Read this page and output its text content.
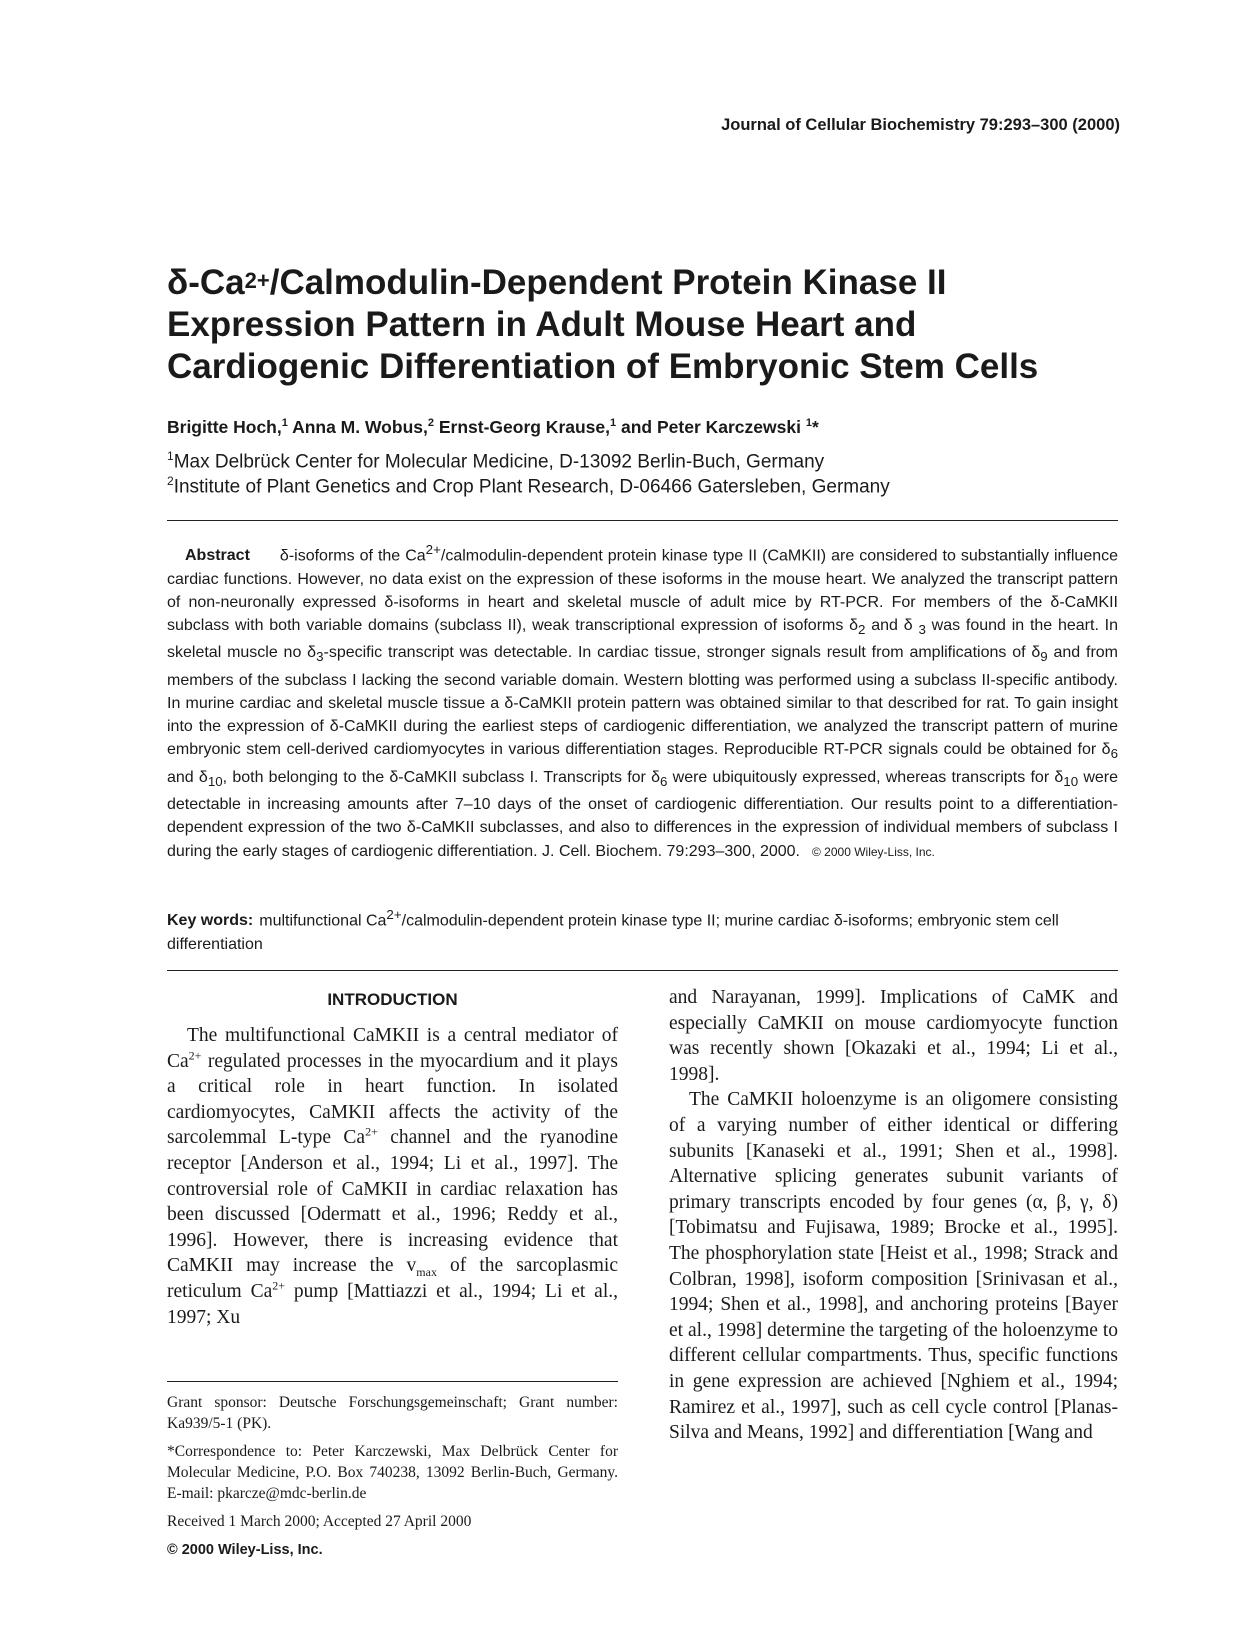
Journal of Cellular Biochemistry 79:293–300 (2000)
$\delta-Ca^{2+}/Calmodulin$-Dependent Protein Kinase II
Expression Pattern in Adult Mouse Heart and
Cardiogenic Differentiation of Embryonic Stem Cells
Brigitte Hoch,$^1$ Anna M. Wobus,$^2$ Ernst-Georg Krause,$^1$ and Peter Karczewski $^1$*
$^1$Max Delbrück Center for Molecular Medicine, D-13092 Berlin-Buch, Germany
$^2$Institute of Plant Genetics and Crop Plant Research, D-06466 Gatersleben, Germany
Abstract δ-isoforms of the $Ca^{2+}/calmodulin$-dependent protein kinase type II (CaMKII) are considered to substantially influence cardiac functions. However, no data exist on the expression of these isoforms in the mouse heart. We analyzed the transcript pattern of non-neuronally expressed δ-isoforms in heart and skeletal muscle of adult mice by RT-PCR. For members of the δ-CaMKII subclass with both variable domains (subclass II), weak transcriptional expression of isoforms $\delta_2$ and δ $_3$ was found in the heart. In skeletal muscle no $\delta_3$-specific transcript was detectable. In cardiac tissue, stronger signals result from amplifications of $\delta_9$ and from members of the subclass I lacking the second variable domain. Western blotting was performed using a subclass II-specific antibody. In murine cardiac and skeletal muscle tissue a δ-CaMKII protein pattern was obtained similar to that described for rat. To gain insight into the expression of δ-CaMKII during the earliest steps of cardiogenic differentiation, we analyzed the transcript pattern of murine embryonic stem cell-derived cardiomyocytes in various differentiation stages. Reproducible RT-PCR signals could be obtained for $\delta_6$ and $\delta_{10}$, both belonging to the δ-CaMKII subclass I. Transcripts for $\delta_6$ were ubiquitously expressed, whereas transcripts for $\delta_{10}$ were detectable in increasing amounts after 7–10 days of the onset of cardiogenic differentiation. Our results point to a differentiation-dependent expression of the two δ-CaMKII subclasses, and also to differences in the expression of individual members of subclass I during the early stages of cardiogenic differentiation. J. Cell. Biochem. 79:293–300, 2000. © 2000 Wiley-Liss, Inc.
Key words: multifunctional $Ca^{2+}/calmodulin$-dependent protein kinase type II; murine cardiac δ-isoforms; embryonic stem cell differentiation
INTRODUCTION

The multifunctional CaMKII is a central mediator of $Ca^{2+}$ regulated processes in the myocardium and it plays a critical role in heart function. In isolated cardiomyocytes, CaMKII affects the activity of the sarcolemmal L-type $Ca^{2+}$ channel and the ryanodine receptor [Anderson et al., 1994; Li et al., 1997]. The controversial role of CaMKII in cardiac relaxation has been discussed [Odermatt et al., 1996; Reddy et al., 1996]. However, there is increasing evidence that CaMKII may increase the $v_{max}$ of the sarcoplasmic reticulum $Ca^{2+}$ pump [Mattiazzi et al., 1994; Li et al., 1997; Xu

and Narayanan, 1999]. Implications of CaMK and especially CaMKII on mouse cardiomyocyte function was recently shown [Okazaki et al., 1994; Li et al., 1998].

The CaMKII holoenzyme is an oligomere consisting of a varying number of either identical or differing subunits [Kanaseki et al., 1991; Shen et al., 1998]. Alternative splicing generates subunit variants of primary transcripts encoded by four genes (α, β, γ, δ) [Tobimatsu and Fujisawa, 1989; Brocke et al., 1995]. The phosphorylation state [Heist et al., 1998; Strack and Colbran, 1998], isoform composition [Srinivasan et al., 1994; Shen et al., 1998], and anchoring proteins [Bayer et al., 1998] determine the targeting of the holoenzyme to different cellular compartments. Thus, specific functions in gene expression are achieved [Nghiem et al., 1994; Ramirez et al., 1997], such as cell cycle control [Planas-Silva and Means, 1992] and differentiation [Wang and

Grant sponsor: Deutsche Forschungsgemeinschaft; Grant number: Ka939/5-1 (PK).

*Correspondence to: Peter Karczewski, Max Delbrück Center for Molecular Medicine, P.O. Box 740238, 13092 Berlin-Buch, Germany. E-mail: pkarcze@mdc-berlin.de

Received 1 March 2000; Accepted 27 April 2000

© 2000 Wiley-Liss, Inc.
